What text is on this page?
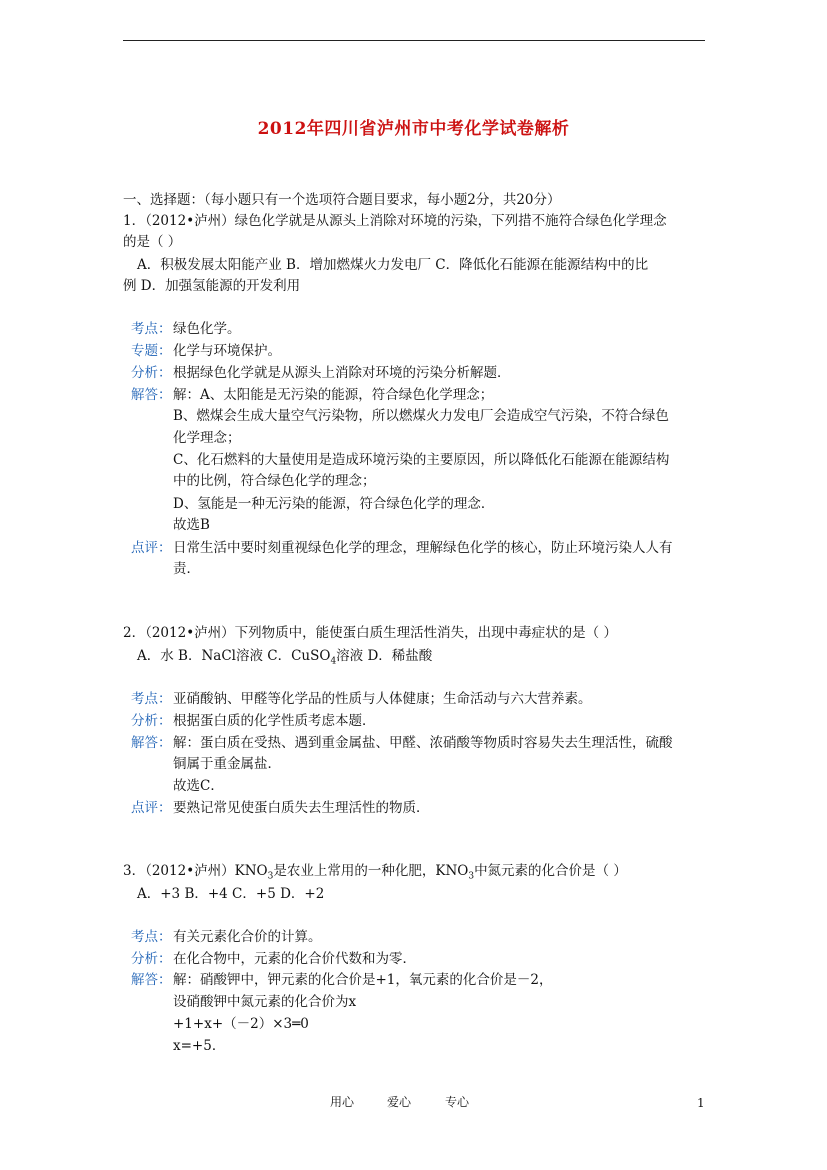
2012年四川省泸州市中考化学试卷解析
一、选择题：（每小题只有一个选项符合题目要求，每小题2分，共20分）
1．（2012•泸州）绿色化学就是从源头上消除对环境的污染，下列措不施符合绿色化学理念
的是（ ）
A．积极发展太阳能产业 B．增加燃煤火力发电厂 C．降低化石能源在能源结构中的比
例 D．加强氢能源的开发利用
考点： 绿色化学。
专题： 化学与环境保护。
分析： 根据绿色化学就是从源头上消除对环境的污染分析解题．
解答： 解：A、太阳能是无污染的能源，符合绿色化学理念；
B、燃煤会生成大量空气污染物，所以燃煤火力发电厂会造成空气污染，不符合绿色
化学理念；
C、化石燃料的大量使用是造成环境污染的主要原因，所以降低化石能源在能源结构
中的比例，符合绿色化学的理念；
D、氢能是一种无污染的能源，符合绿色化学的理念．
故选B
点评： 日常生活中要时刻重视绿色化学的理念，理解绿色化学的核心，防止环境污染人人有
责．
2．（2012•泸州）下列物质中，能使蛋白质生理活性消失，出现中毒症状的是（ ）
A．水 B．NaCl溶液 C．CuSO$_4$溶液 D．稀盐酸
考点： 亚硝酸钠、甲醛等化学品的性质与人体健康；生命活动与六大营养素。
分析： 根据蛋白质的化学性质考虑本题．
解答： 解：蛋白质在受热、遇到重金属盐、甲醛、浓硝酸等物质时容易失去生理活性，硫酸
铜属于重金属盐．
故选C．
点评： 要熟记常见使蛋白质失去生理活性的物质．
3．（2012•泸州）$KNO_3$是农业上常用的一种化肥，$KNO_3$中氮元素的化合价是（ ）
A．+3 B．+4 C．+5 D．+2
考点： 有关元素化合价的计算。
分析： 在化合物中，元素的化合价代数和为零．
解答： 解：硝酸钾中，钾元素的化合价是+1，氧元素的化合价是－2，
设硝酸钾中氮元素的化合价为x
+1+x+（－2）×3═0
x=+5．
用心	爱心	专心	1
